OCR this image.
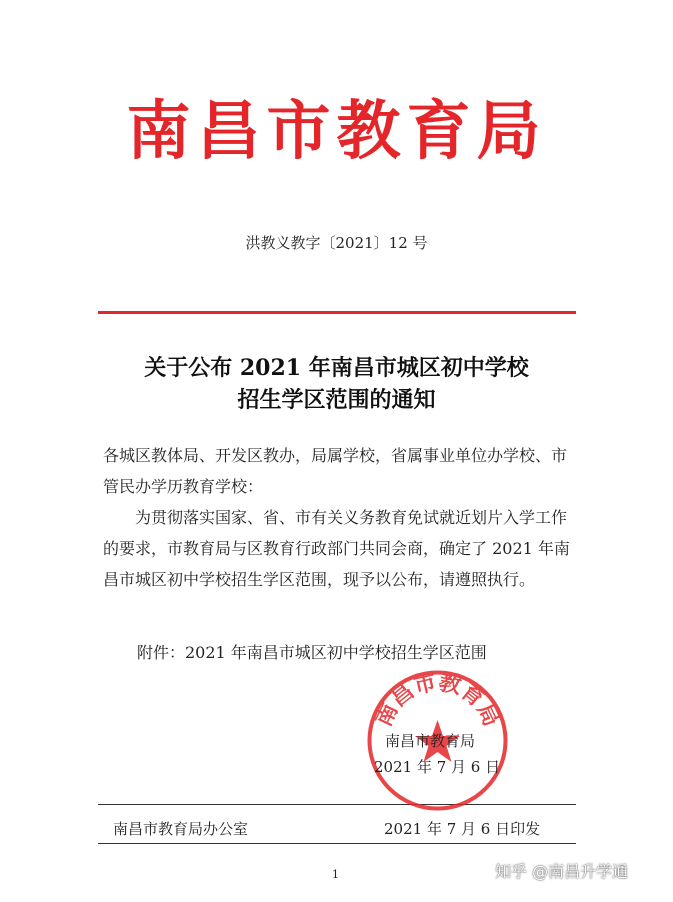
南昌市教育局
洪教义教字〔2021〕12 号
关于公布 2021 年南昌市城区初中学校
招生学区范围的通知
各城区教体局、开发区教办，局属学校，省属事业单位办学校、市管民办学历教育学校：
为贯彻落实国家、省、市有关义务教育免试就近划片入学工作的要求，市教育局与区教育行政部门共同会商，确定了 2021 年南昌市城区初中学校招生学区范围，现予以公布，请遵照执行。
附件：2021 年南昌市城区初中学校招生学区范围
南昌市教育局
南昌市教育局
2021 年 7 月 6 日
南昌市教育局办公室	2021 年 7 月 6 日印发
1	知乎 @南昌升学通
